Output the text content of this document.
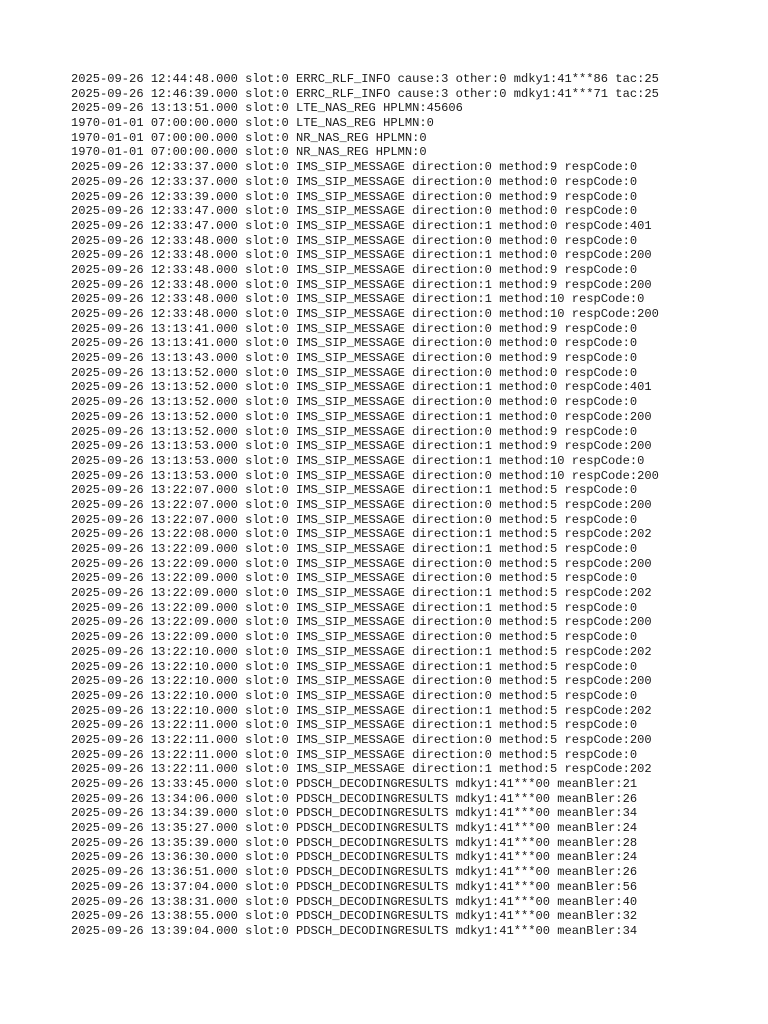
2025-09-26 12:44:48.000 slot:0 ERRC_RLF_INFO cause:3 other:0 mdky1:41***86 tac:25
2025-09-26 12:46:39.000 slot:0 ERRC_RLF_INFO cause:3 other:0 mdky1:41***71 tac:25
2025-09-26 13:13:51.000 slot:0 LTE_NAS_REG HPLMN:45606
1970-01-01 07:00:00.000 slot:0 LTE_NAS_REG HPLMN:0
1970-01-01 07:00:00.000 slot:0 NR_NAS_REG HPLMN:0
1970-01-01 07:00:00.000 slot:0 NR_NAS_REG HPLMN:0
2025-09-26 12:33:37.000 slot:0 IMS_SIP_MESSAGE direction:0 method:9 respCode:0
2025-09-26 12:33:37.000 slot:0 IMS_SIP_MESSAGE direction:0 method:0 respCode:0
2025-09-26 12:33:39.000 slot:0 IMS_SIP_MESSAGE direction:0 method:9 respCode:0
2025-09-26 12:33:47.000 slot:0 IMS_SIP_MESSAGE direction:0 method:0 respCode:0
2025-09-26 12:33:47.000 slot:0 IMS_SIP_MESSAGE direction:1 method:0 respCode:401
2025-09-26 12:33:48.000 slot:0 IMS_SIP_MESSAGE direction:0 method:0 respCode:0
2025-09-26 12:33:48.000 slot:0 IMS_SIP_MESSAGE direction:1 method:0 respCode:200
2025-09-26 12:33:48.000 slot:0 IMS_SIP_MESSAGE direction:0 method:9 respCode:0
2025-09-26 12:33:48.000 slot:0 IMS_SIP_MESSAGE direction:1 method:9 respCode:200
2025-09-26 12:33:48.000 slot:0 IMS_SIP_MESSAGE direction:1 method:10 respCode:0
2025-09-26 12:33:48.000 slot:0 IMS_SIP_MESSAGE direction:0 method:10 respCode:200
2025-09-26 13:13:41.000 slot:0 IMS_SIP_MESSAGE direction:0 method:9 respCode:0
2025-09-26 13:13:41.000 slot:0 IMS_SIP_MESSAGE direction:0 method:0 respCode:0
2025-09-26 13:13:43.000 slot:0 IMS_SIP_MESSAGE direction:0 method:9 respCode:0
2025-09-26 13:13:52.000 slot:0 IMS_SIP_MESSAGE direction:0 method:0 respCode:0
2025-09-26 13:13:52.000 slot:0 IMS_SIP_MESSAGE direction:1 method:0 respCode:401
2025-09-26 13:13:52.000 slot:0 IMS_SIP_MESSAGE direction:0 method:0 respCode:0
2025-09-26 13:13:52.000 slot:0 IMS_SIP_MESSAGE direction:1 method:0 respCode:200
2025-09-26 13:13:52.000 slot:0 IMS_SIP_MESSAGE direction:0 method:9 respCode:0
2025-09-26 13:13:53.000 slot:0 IMS_SIP_MESSAGE direction:1 method:9 respCode:200
2025-09-26 13:13:53.000 slot:0 IMS_SIP_MESSAGE direction:1 method:10 respCode:0
2025-09-26 13:13:53.000 slot:0 IMS_SIP_MESSAGE direction:0 method:10 respCode:200
2025-09-26 13:22:07.000 slot:0 IMS_SIP_MESSAGE direction:1 method:5 respCode:0
2025-09-26 13:22:07.000 slot:0 IMS_SIP_MESSAGE direction:0 method:5 respCode:200
2025-09-26 13:22:07.000 slot:0 IMS_SIP_MESSAGE direction:0 method:5 respCode:0
2025-09-26 13:22:08.000 slot:0 IMS_SIP_MESSAGE direction:1 method:5 respCode:202
2025-09-26 13:22:09.000 slot:0 IMS_SIP_MESSAGE direction:1 method:5 respCode:0
2025-09-26 13:22:09.000 slot:0 IMS_SIP_MESSAGE direction:0 method:5 respCode:200
2025-09-26 13:22:09.000 slot:0 IMS_SIP_MESSAGE direction:0 method:5 respCode:0
2025-09-26 13:22:09.000 slot:0 IMS_SIP_MESSAGE direction:1 method:5 respCode:202
2025-09-26 13:22:09.000 slot:0 IMS_SIP_MESSAGE direction:1 method:5 respCode:0
2025-09-26 13:22:09.000 slot:0 IMS_SIP_MESSAGE direction:0 method:5 respCode:200
2025-09-26 13:22:09.000 slot:0 IMS_SIP_MESSAGE direction:0 method:5 respCode:0
2025-09-26 13:22:10.000 slot:0 IMS_SIP_MESSAGE direction:1 method:5 respCode:202
2025-09-26 13:22:10.000 slot:0 IMS_SIP_MESSAGE direction:1 method:5 respCode:0
2025-09-26 13:22:10.000 slot:0 IMS_SIP_MESSAGE direction:0 method:5 respCode:200
2025-09-26 13:22:10.000 slot:0 IMS_SIP_MESSAGE direction:0 method:5 respCode:0
2025-09-26 13:22:10.000 slot:0 IMS_SIP_MESSAGE direction:1 method:5 respCode:202
2025-09-26 13:22:11.000 slot:0 IMS_SIP_MESSAGE direction:1 method:5 respCode:0
2025-09-26 13:22:11.000 slot:0 IMS_SIP_MESSAGE direction:0 method:5 respCode:200
2025-09-26 13:22:11.000 slot:0 IMS_SIP_MESSAGE direction:0 method:5 respCode:0
2025-09-26 13:22:11.000 slot:0 IMS_SIP_MESSAGE direction:1 method:5 respCode:202
2025-09-26 13:33:45.000 slot:0 PDSCH_DECODINGRESULTS mdky1:41***00 meanBler:21
2025-09-26 13:34:06.000 slot:0 PDSCH_DECODINGRESULTS mdky1:41***00 meanBler:26
2025-09-26 13:34:39.000 slot:0 PDSCH_DECODINGRESULTS mdky1:41***00 meanBler:34
2025-09-26 13:35:27.000 slot:0 PDSCH_DECODINGRESULTS mdky1:41***00 meanBler:24
2025-09-26 13:35:39.000 slot:0 PDSCH_DECODINGRESULTS mdky1:41***00 meanBler:28
2025-09-26 13:36:30.000 slot:0 PDSCH_DECODINGRESULTS mdky1:41***00 meanBler:24
2025-09-26 13:36:51.000 slot:0 PDSCH_DECODINGRESULTS mdky1:41***00 meanBler:26
2025-09-26 13:37:04.000 slot:0 PDSCH_DECODINGRESULTS mdky1:41***00 meanBler:56
2025-09-26 13:38:31.000 slot:0 PDSCH_DECODINGRESULTS mdky1:41***00 meanBler:40
2025-09-26 13:38:55.000 slot:0 PDSCH_DECODINGRESULTS mdky1:41***00 meanBler:32
2025-09-26 13:39:04.000 slot:0 PDSCH_DECODINGRESULTS mdky1:41***00 meanBler:34
